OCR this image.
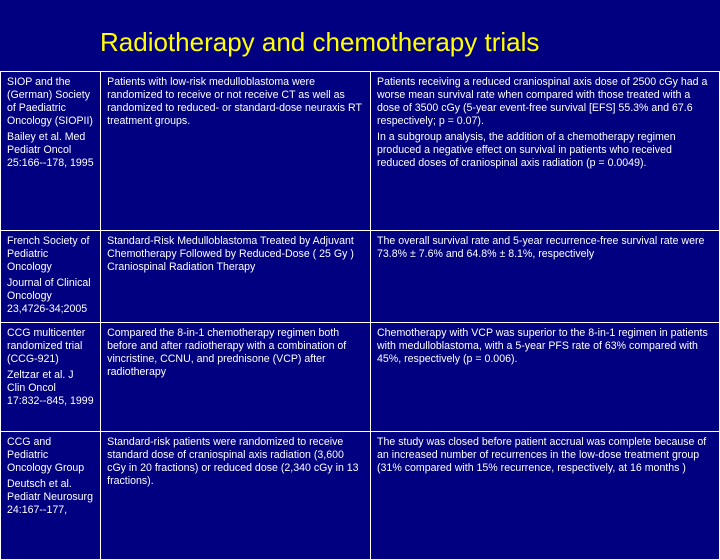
Radiotherapy and chemotherapy trials
SIOP and the (German) Society of Paediatric Oncology (SIOPII)
Bailey et al. Med Pediatr Oncol 25:166--178, 1995	Patients with low-risk medulloblastoma were randomized to receive or not receive CT as well as randomized to reduced- or standard-dose neuraxis RT treatment groups.	Patients receiving a reduced craniospinal axis dose of 2500 cGy had a worse mean survival rate when compared with those treated with a dose of 3500 cGy (5-year event-free survival [EFS] 55.3% and 67.6 respectively; p = 0.07).
In a subgroup analysis, the addition of a chemotherapy regimen produced a negative effect on survival in patients who received reduced doses of craniospinal axis radiation (p = 0.0049).

French Society of Pediatric Oncology
Journal of Clinical Oncology 23,4726-34;2005	Standard-Risk Medulloblastoma Treated by Adjuvant Chemotherapy Followed by Reduced-Dose ( 25 Gy ) Craniospinal Radiation Therapy	The overall survival rate and 5-year recurrence-free survival rate were 73.8% ± 7.6% and 64.8% ± 8.1%, respectively

CCG multicenter randomized trial (CCG-921)
Zeltzar et al. J Clin Oncol 17:832--845, 1999	Compared the 8-in-1 chemotherapy regimen both before and after radiotherapy with a combination of vincristine, CCNU, and prednisone (VCP) after radiotherapy	Chemotherapy with VCP was superior to the 8-in-1 regimen in patients with medulloblastoma, with a 5-year PFS rate of 63% compared with 45%, respectively (p = 0.006).

CCG and Pediatric Oncology Group
Deutsch et al. Pediatr Neurosurg 24:167--177,	Standard-risk patients were randomized to receive standard dose of craniospinal axis radiation (3,600 cGy in 20 fractions) or reduced dose (2,340 cGy in 13 fractions).	The study was closed before patient accrual was complete because of an increased number of recurrences in the low-dose treatment group (31% compared with 15% recurrence, respectively, at 16 months )
